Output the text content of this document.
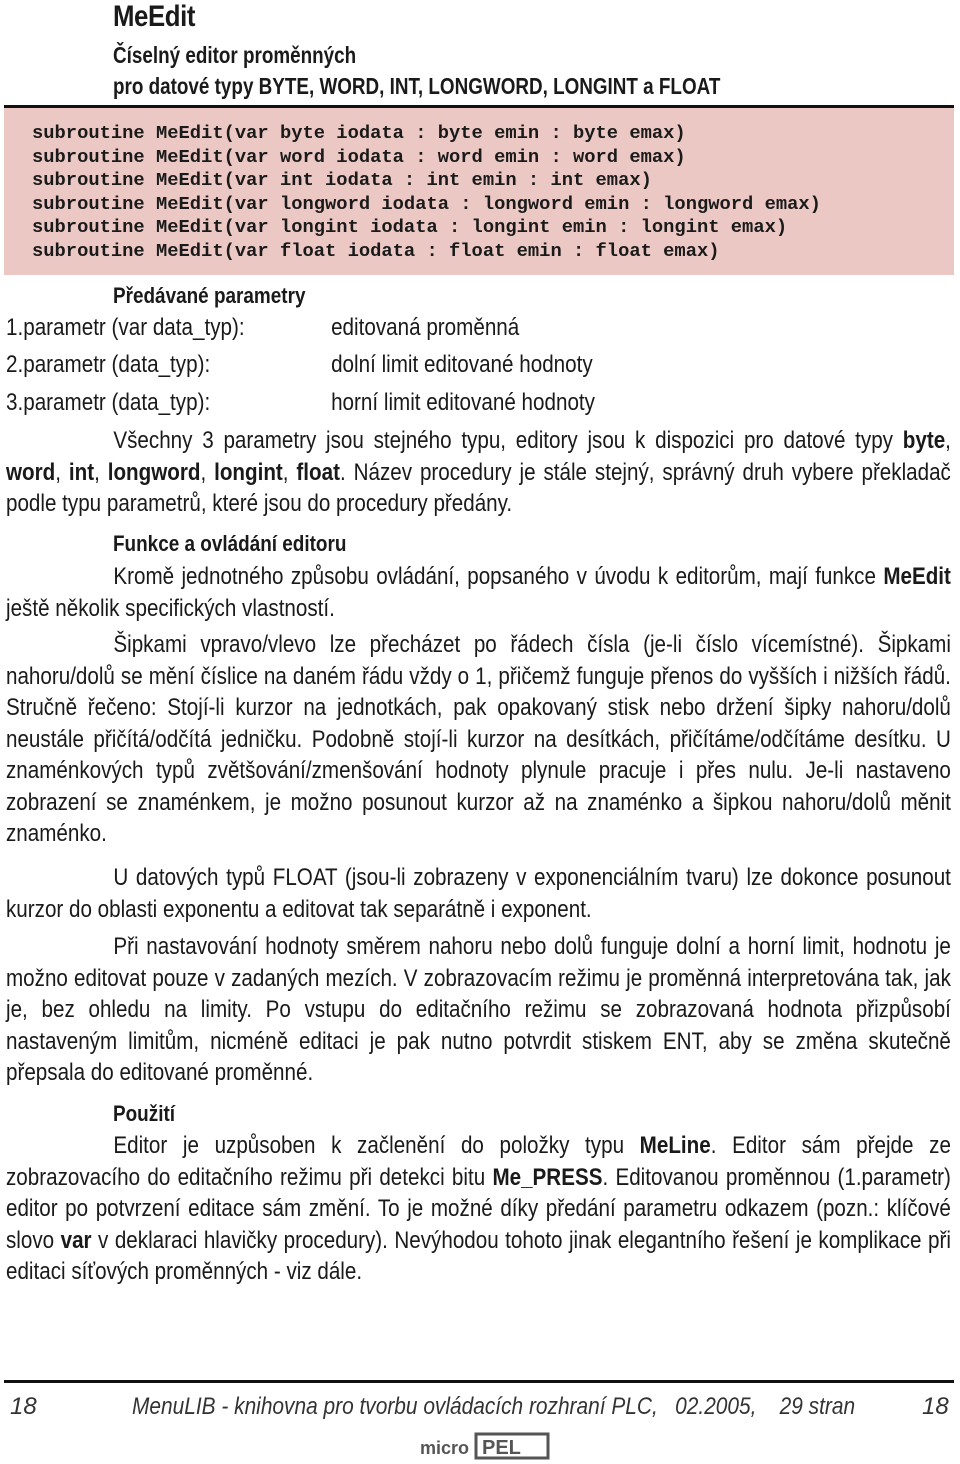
MeEdit
Číselný editor proměnných
pro datové typy BYTE, WORD, INT, LONGWORD, LONGINT a FLOAT
subroutine MeEdit(var byte iodata : byte emin : byte emax)
subroutine MeEdit(var word iodata : word emin : word emax)
subroutine MeEdit(var int iodata : int emin : int emax)
subroutine MeEdit(var longword iodata : longword emin : longword emax)
subroutine MeEdit(var longint iodata : longint emin : longint emax)
subroutine MeEdit(var float iodata : float emin : float emax)
Předávané parametry
1.parametr (var data_typ):	editovaná proměnná
2.parametr (data_typ):	dolní limit editované hodnoty
3.parametr (data_typ):	horní limit editované hodnoty

Všechny 3 parametry jsou stejného typu, editory jsou k dispozici pro datové typy byte, word, int, longword, longint, float. Název procedury je stále stejný, správný druh vybere překladač podle typu parametrů, které jsou do procedury předány.

Funkce a ovládání editoru

Kromě jednotného způsobu ovládání, popsaného v úvodu k editorům, mají funkce MeEdit ještě několik specifických vlastností.

Šipkami vpravo/vlevo lze přecházet po řádech čísla (je-li číslo vícemístné). Šipkami nahoru/dolů se mění číslice na daném řádu vždy o 1, přičemž funguje přenos do vyšších i nižších řádů. Stručně řečeno: Stojí-li kurzor na jednotkách, pak opakovaný stisk nebo držení šipky nahoru/dolů neustále přičítá/odčítá jedničku. Podobně stojí-li kurzor na desítkách, přičítáme/odčítáme desítku. U znaménkových typů zvětšování/zmenšování hodnoty plynule pracuje i přes nulu. Je-li nastaveno zobrazení se znaménkem, je možno posunout kurzor až na znaménko a šipkou nahoru/dolů měnit znaménko.

U datových typů FLOAT (jsou-li zobrazeny v exponenciálním tvaru) lze dokonce posunout kurzor do oblasti exponentu a editovat tak separátně i exponent.

Při nastavování hodnoty směrem nahoru nebo dolů funguje dolní a horní limit, hodnotu je možno editovat pouze v zadaných mezích. V zobrazovacím režimu je proměnná interpretována tak, jak je, bez ohledu na limity. Po vstupu do editačního režimu se zobrazovaná hodnota přizpůsobí nastaveným limitům, nicméně editaci je pak nutno potvrdit stiskem ENT, aby se změna skutečně přepsala do editované proměnné.

Použití

Editor je uzpůsoben k začlenění do položky typu MeLine. Editor sám přejde ze zobrazovacího do editačního režimu při detekci bitu Me_PRESS. Editovanou proměnnou (1.parametr) editor po potvrzení editace sám změní. To je možné díky předání parametru odkazem (pozn.: klíčové slovo var v deklaraci hlavičky procedury). Nevýhodou tohoto jinak elegantního řešení je komplikace při editaci síťových proměnných - viz dále.

18	MenuLIB - knihovna pro tvorbu ovládacích rozhraní PLC,   02.2005,    29 stran	18
micro PEL
